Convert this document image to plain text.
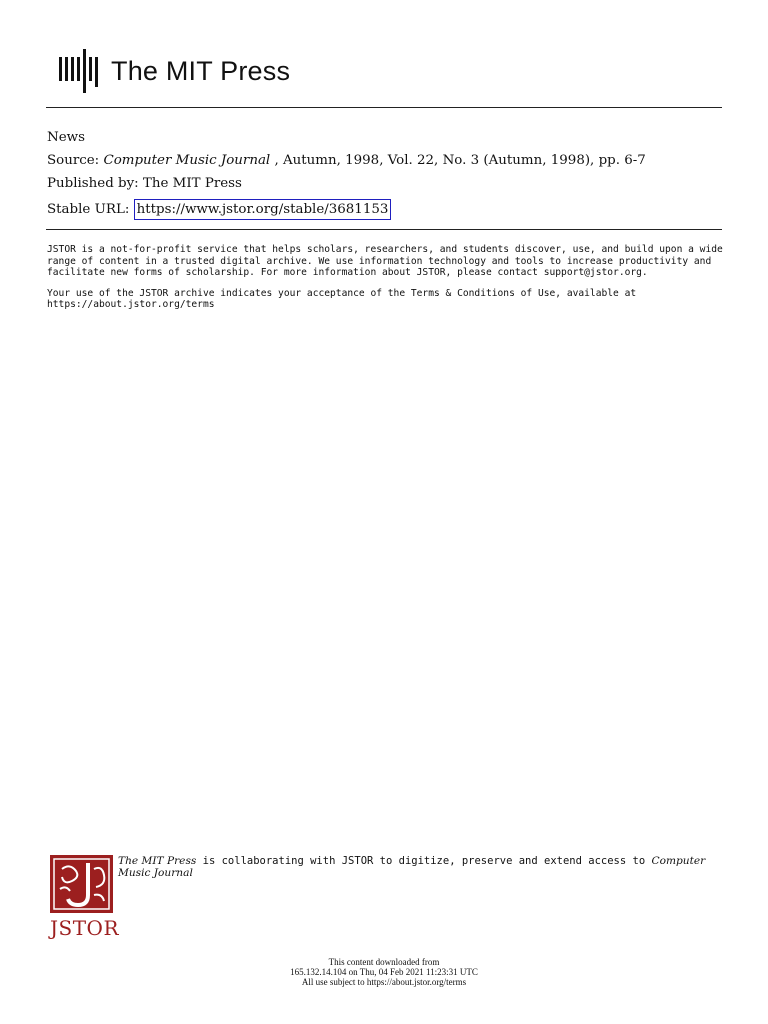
The MIT Press
News
Source: Computer Music Journal , Autumn, 1998, Vol. 22, No. 3 (Autumn, 1998), pp. 6-7
Published by: The MIT Press
Stable URL: https://www.jstor.org/stable/3681153

JSTOR is a not-for-profit service that helps scholars, researchers, and students discover, use, and build upon a wide range of content in a trusted digital archive. We use information technology and tools to increase productivity and facilitate new forms of scholarship. For more information about JSTOR, please contact support@jstor.org.

Your use of the JSTOR archive indicates your acceptance of the Terms & Conditions of Use, available at https://about.jstor.org/terms

JSTOR
The MIT Press is collaborating with JSTOR to digitize, preserve and extend access to Computer Music Journal
This content downloaded from
165.132.14.104 on Thu, 04 Feb 2021 11:23:31 UTC
All use subject to https://about.jstor.org/terms
